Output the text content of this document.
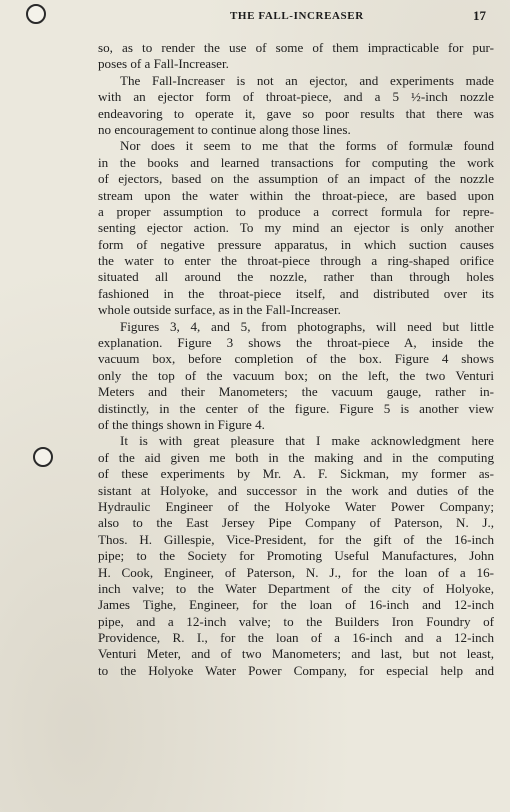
THE FALL-INCREASER	17
so, as to render the use of some of them impracticable for pur-
poses of a Fall-Increaser.
The Fall-Increaser is not an ejector, and experiments made
with an ejector form of throat-piece, and a 5 ½-inch nozzle
endeavoring to operate it, gave so poor results that there was
no encouragement to continue along those lines.
Nor does it seem to me that the forms of formulæ found
in the books and learned transactions for computing the work
of ejectors, based on the assumption of an impact of the nozzle
stream upon the water within the throat-piece, are based upon
a proper assumption to produce a correct formula for repre-
senting ejector action. To my mind an ejector is only another
form of negative pressure apparatus, in which suction causes
the water to enter the throat-piece through a ring-shaped orifice
situated all around the nozzle, rather than through holes
fashioned in the throat-piece itself, and distributed over its
whole outside surface, as in the Fall-Increaser.
Figures 3, 4, and 5, from photographs, will need but little
explanation. Figure 3 shows the throat-piece A, inside the
vacuum box, before completion of the box. Figure 4 shows
only the top of the vacuum box; on the left, the two Venturi
Meters and their Manometers; the vacuum gauge, rather in-
distinctly, in the center of the figure. Figure 5 is another view
of the things shown in Figure 4.
It is with great pleasure that I make acknowledgment here
of the aid given me both in the making and in the computing
of these experiments by Mr. A. F. Sickman, my former as-
sistant at Holyoke, and successor in the work and duties of the
Hydraulic Engineer of the Holyoke Water Power Company;
also to the East Jersey Pipe Company of Paterson, N. J.,
Thos. H. Gillespie, Vice-President, for the gift of the 16-inch
pipe; to the Society for Promoting Useful Manufactures, John
H. Cook, Engineer, of Paterson, N. J., for the loan of a 16-
inch valve; to the Water Department of the city of Holyoke,
James Tighe, Engineer, for the loan of 16-inch and 12-inch
pipe, and a 12-inch valve; to the Builders Iron Foundry of
Providence, R. I., for the loan of a 16-inch and a 12-inch
Venturi Meter, and of two Manometers; and last, but not least,
to the Holyoke Water Power Company, for especial help and
